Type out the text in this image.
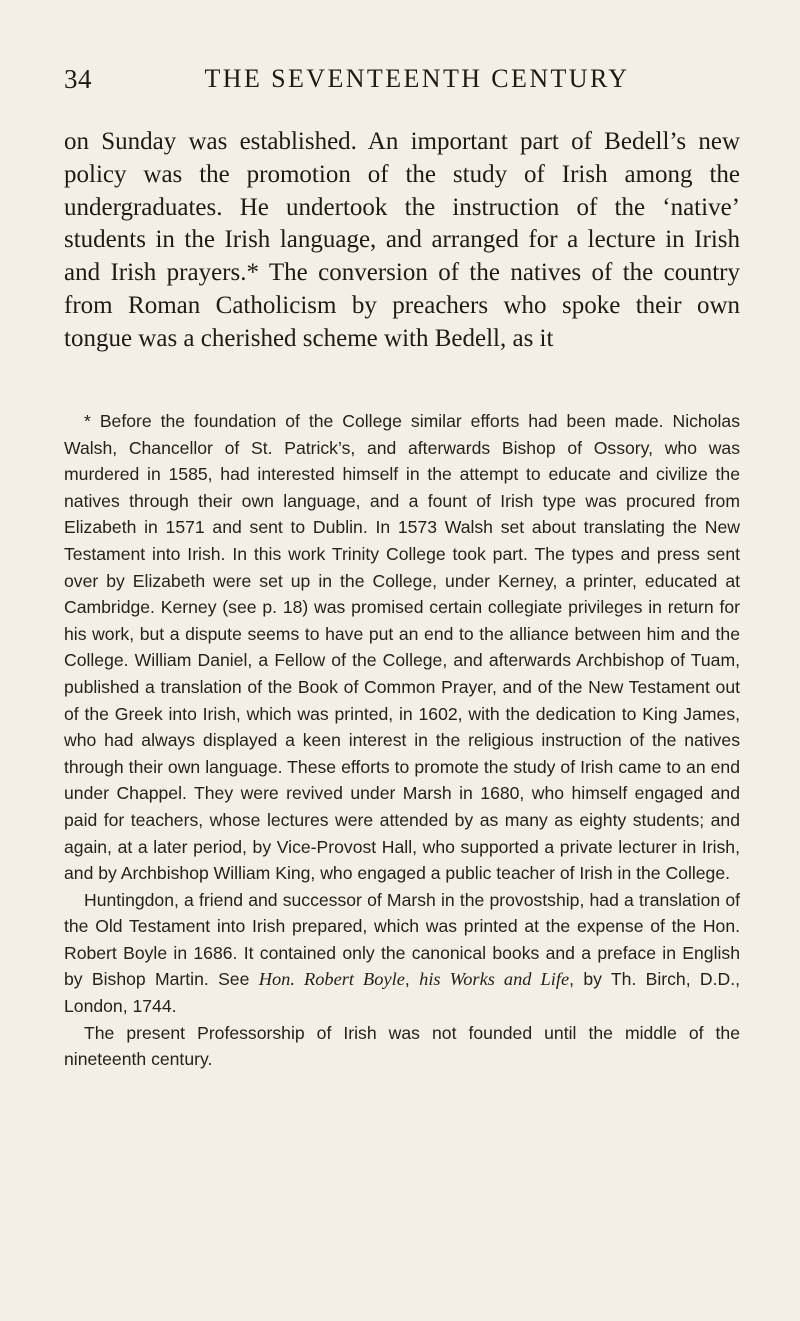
34	THE SEVENTEENTH CENTURY

on Sunday was established. An important part of Bedell’s new policy was the promotion of the study of Irish among the undergraduates. He undertook the instruction of the ‘native’ students in the Irish language, and arranged for a lecture in Irish and Irish prayers.* The conversion of the natives of the country from Roman Catholicism by preachers who spoke their own tongue was a cherished scheme with Bedell, as it

* Before the foundation of the College similar efforts had been made. Nicholas Walsh, Chancellor of St. Patrick’s, and afterwards Bishop of Ossory, who was murdered in 1585, had interested himself in the attempt to educate and civilize the natives through their own language, and a fount of Irish type was procured from Elizabeth in 1571 and sent to Dublin. In 1573 Walsh set about translating the New Testament into Irish. In this work Trinity College took part. The types and press sent over by Elizabeth were set up in the College, under Kerney, a printer, educated at Cambridge. Kerney (see p. 18) was promised certain collegiate privileges in return for his work, but a dispute seems to have put an end to the alliance between him and the College. William Daniel, a Fellow of the College, and afterwards Archbishop of Tuam, published a translation of the Book of Common Prayer, and of the New Testament out of the Greek into Irish, which was printed, in 1602, with the dedication to King James, who had always displayed a keen interest in the religious instruction of the natives through their own language. These efforts to promote the study of Irish came to an end under Chappel. They were revived under Marsh in 1680, who himself engaged and paid for teachers, whose lectures were attended by as many as eighty students; and again, at a later period, by Vice-Provost Hall, who supported a private lecturer in Irish, and by Archbishop William King, who engaged a public teacher of Irish in the College.

Huntingdon, a friend and successor of Marsh in the provostship, had a translation of the Old Testament into Irish prepared, which was printed at the expense of the Hon. Robert Boyle in 1686. It contained only the canonical books and a preface in English by Bishop Martin. See Hon. Robert Boyle, his Works and Life, by Th. Birch, D.D., London, 1744.

The present Professorship of Irish was not founded until the middle of the nineteenth century.
